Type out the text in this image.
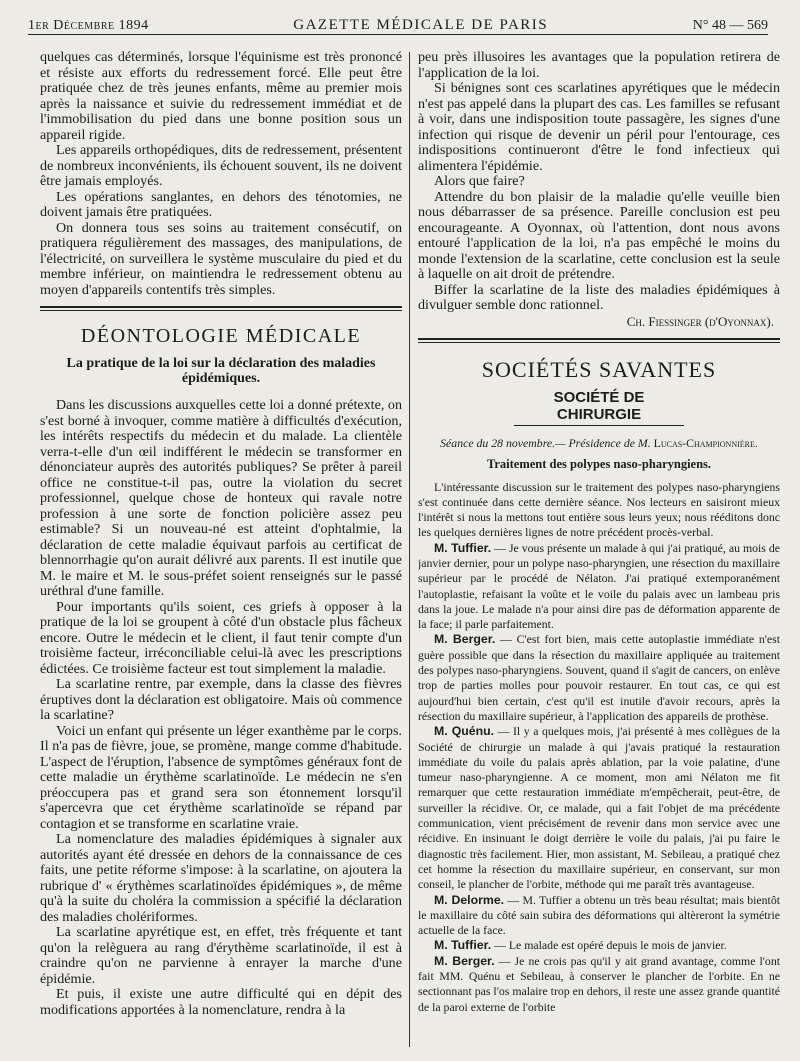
1er Décembre 1894	GAZETTE MÉDICALE DE PARIS	N° 48 — 569

quelques cas déterminés, lorsque l'équinisme est très prononcé et résiste aux efforts du redressement forcé. Elle peut être pratiquée chez de très jeunes enfants, même au premier mois après la naissance et suivie du redressement immédiat et de l'immobilisation du pied dans une bonne position sous un appareil rigide.

Les appareils orthopédiques, dits de redressement, présentent de nombreux inconvénients, ils échouent souvent, ils ne doivent être jamais employés.

Les opérations sanglantes, en dehors des ténotomies, ne doivent jamais être pratiquées.

On donnera tous ses soins au traitement consécutif, on pratiquera régulièrement des massages, des manipulations, de l'électricité, on surveillera le système musculaire du pied et du membre inférieur, on maintiendra le redressement obtenu au moyen d'appareils contentifs très simples.

DÉONTOLOGIE MÉDICALE
La pratique de la loi sur la déclaration des maladies épidémiques.

Dans les discussions auxquelles cette loi a donné prétexte, on s'est borné à invoquer, comme matière à difficultés d'exécution, les intérêts respectifs du médecin et du malade. La clientèle verra-t-elle d'un œil indifférent le médecin se transformer en dénonciateur auprès des autorités publiques? Se prêter à pareil office ne constitue-t-il pas, outre la violation du secret professionnel, quelque chose de honteux qui ravale notre profession à une sorte de fonction policière assez peu estimable? Si un nouveau-né est atteint d'ophtalmie, la déclaration de cette maladie équivaut parfois au certificat de blennorrhagie qu'on aurait délivré aux parents. Il est inutile que M. le maire et M. le sous-préfet soient renseignés sur le passé uréthral d'une famille.

Pour importants qu'ils soient, ces griefs à opposer à la pratique de la loi se groupent à côté d'un obstacle plus fâcheux encore. Outre le médecin et le client, il faut tenir compte d'un troisième facteur, irréconciliable celui-là avec les prescriptions édictées. Ce troisième facteur est tout simplement la maladie.

La scarlatine rentre, par exemple, dans la classe des fièvres éruptives dont la déclaration est obligatoire. Mais où commence la scarlatine?

Voici un enfant qui présente un léger exanthème par le corps. Il n'a pas de fièvre, joue, se promène, mange comme d'habitude. L'aspect de l'éruption, l'absence de symptômes généraux font de cette maladie un érythème scarlatinoïde. Le médecin ne s'en préoccupera pas et grand sera son étonnement lorsqu'il s'apercevra que cet érythème scarlatinoïde se répand par contagion et se transforme en scarlatine vraie.

La nomenclature des maladies épidémiques à signaler aux autorités ayant été dressée en dehors de la connaissance de ces faits, une petite réforme s'impose: à la scarlatine, on ajoutera la rubrique d' « érythèmes scarlatinoïdes épidémiques », de même qu'à la suite du choléra la commission a spécifié la déclaration des maladies cholériformes.

La scarlatine apyrétique est, en effet, très fréquente et tant qu'on la relèguera au rang d'érythème scarlatinoïde, il est à craindre qu'on ne parvienne à enrayer la marche d'une épidémie.

Et puis, il existe une autre difficulté qui en dépit des modifications apportées à la nomenclature, rendra à la

peu près illusoires les avantages que la population retirera de l'application de la loi.

Si bénignes sont ces scarlatines apyrétiques que le médecin n'est pas appelé dans la plupart des cas. Les familles se refusant à voir, dans une indisposition toute passagère, les signes d'une infection qui risque de devenir un péril pour l'entourage, ces indispositions continueront d'être le fond infectieux qui alimentera l'épidémie.

Alors que faire?

Attendre du bon plaisir de la maladie qu'elle veuille bien nous débarrasser de sa présence. Pareille conclusion est peu encourageante. A Oyonnax, où l'attention, dont nous avons entouré l'application de la loi, n'a pas empêché le moins du monde l'extension de la scarlatine, cette conclusion est la seule à laquelle on ait droit de prétendre.

Biffer la scarlatine de la liste des maladies épidémiques à divulguer semble donc rationnel.

Ch. Fiessinger (d'Oyonnax).

SOCIÉTÉS SAVANTES
SOCIÉTÉ DE CHIRURGIE
Séance du 28 novembre.— Présidence de M. Lucas-Championnière.
Traitement des polypes naso-pharyngiens.

L'intéressante discussion sur le traitement des polypes naso-pharyngiens s'est continuée dans cette dernière séance. Nos lecteurs en saisiront mieux l'intérêt si nous la mettons tout entière sous leurs yeux; nous rééditons donc les quelques dernières lignes de notre précédent procès-verbal.

M. Tuffier. — Je vous présente un malade à qui j'ai pratiqué, au mois de janvier dernier, pour un polype naso-pharyngien, une résection du maxillaire supérieur par le procédé de Nélaton. J'ai pratiqué extemporanément l'autoplastie, refaisant la voûte et le voile du palais avec un lambeau pris dans la joue. Le malade n'a pour ainsi dire pas de déformation apparente de la face; il parle parfaitement.

M. Berger. — C'est fort bien, mais cette autoplastie immédiate n'est guère possible que dans la résection du maxillaire appliquée au traitement des polypes naso-pharyngiens. Souvent, quand il s'agit de cancers, on enlève trop de parties molles pour pouvoir restaurer. En tout cas, ce qui est aujourd'hui bien certain, c'est qu'il est inutile d'avoir recours, après la résection du maxillaire supérieur, à l'application des appareils de prothèse.

M. Quénu. — Il y a quelques mois, j'ai présenté à mes collègues de la Société de chirurgie un malade à qui j'avais pratiqué la restauration immédiate du voile du palais après ablation, par la voie palatine, d'une tumeur naso-pharyngienne. A ce moment, mon ami Nélaton me fit remarquer que cette restauration immédiate m'empêcherait, peut-être, de surveiller la récidive. Or, ce malade, qui a fait l'objet de ma précédente communication, vient précisément de revenir dans mon service avec une récidive. En insinuant le doigt derrière le voile du palais, j'ai pu faire le diagnostic très facilement. Hier, mon assistant, M. Sebileau, a pratiqué chez cet homme la résection du maxillaire supérieur, en conservant, sur mon conseil, le plancher de l'orbite, méthode qui me paraît très avantageuse.

M. Delorme. — M. Tuffier a obtenu un très beau résultat; mais bientôt le maxillaire du côté sain subira des déformations qui altèreront la symétrie actuelle de la face.

M. Tuffier. — Le malade est opéré depuis le mois de janvier.

M. Berger. — Je ne crois pas qu'il y ait grand avantage, comme l'ont fait MM. Quénu et Sebileau, à conserver le plancher de l'orbite. En ne sectionnant pas l'os malaire trop en dehors, il reste une assez grande quantité de la paroi externe de l'orbite
